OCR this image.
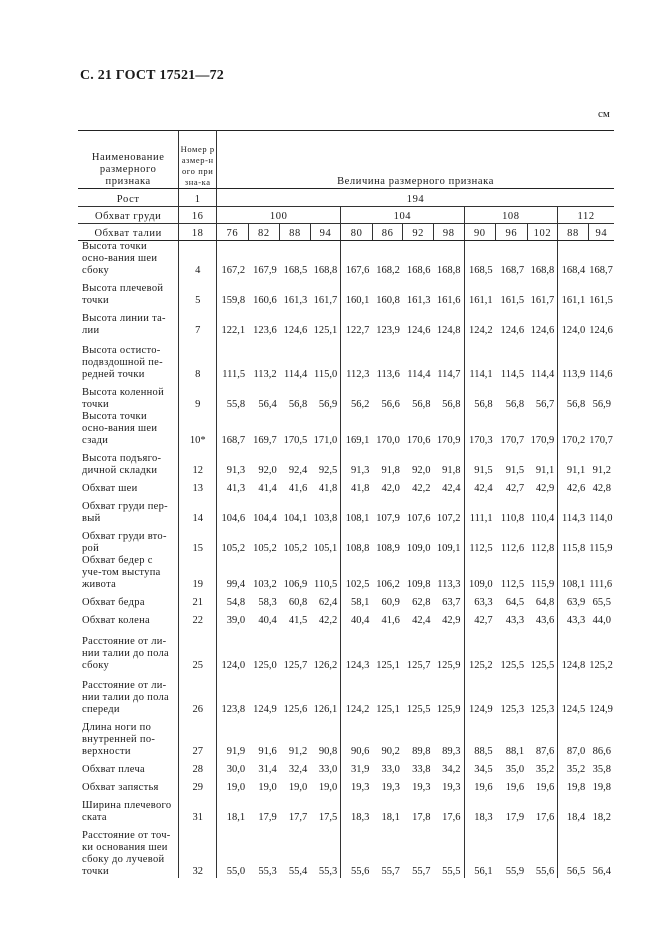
С. 21 ГОСТ 17521—72
см
Наименование размерного признака	Номер размер-ного призна-ка	Величина размерного признака												
Рост	1	194												
Обхват груди	16	100				104				108			112	
Обхват талии	18	76	82	88	94	80	86	92	98	90	96	102	88	94
Высота точки осно-вания шеи сбоку	4	167,2	167,9	168,5	168,8	167,6	168,2	168,6	168,8	168,5	168,7	168,8	168,4	168,7
Высота плечевой точки	5	159,8	160,6	161,3	161,7	160,1	160,8	161,3	161,6	161,1	161,5	161,7	161,1	161,5
Высота линии та-лии	7	122,1	123,6	124,6	125,1	122,7	123,9	124,6	124,8	124,2	124,6	124,6	124,0	124,6
Высота остисто-подвздошной пе-редней точки	8	111,5	113,2	114,4	115,0	112,3	113,6	114,4	114,7	114,1	114,5	114,4	113,9	114,6
Высота коленной точки	9	55,8	56,4	56,8	56,9	56,2	56,6	56,8	56,8	56,8	56,8	56,7	56,8	56,9
Высота точки осно-вания шеи сзади	10*	168,7	169,7	170,5	171,0	169,1	170,0	170,6	170,9	170,3	170,7	170,9	170,2	170,7
Высота подъяго-дичной складки	12	91,3	92,0	92,4	92,5	91,3	91,8	92,0	91,8	91,5	91,5	91,1	91,1	91,2
Обхват шеи	13	41,3	41,4	41,6	41,8	41,8	42,0	42,2	42,4	42,4	42,7	42,9	42,6	42,8
Обхват груди пер-вый	14	104,6	104,4	104,1	103,8	108,1	107,9	107,6	107,2	111,1	110,8	110,4	114,3	114,0
Обхват груди вто-рой	15	105,2	105,2	105,2	105,1	108,8	108,9	109,0	109,1	112,5	112,6	112,8	115,8	115,9
Обхват бедер с уче-том выступа живота	19	99,4	103,2	106,9	110,5	102,5	106,2	109,8	113,3	109,0	112,5	115,9	108,1	111,6
Обхват бедра	21	54,8	58,3	60,8	62,4	58,1	60,9	62,8	63,7	63,3	64,5	64,8	63,9	65,5
Обхват колена	22	39,0	40,4	41,5	42,2	40,4	41,6	42,4	42,9	42,7	43,3	43,6	43,3	44,0
Расстояние от ли-нии талии до пола сбоку	25	124,0	125,0	125,7	126,2	124,3	125,1	125,7	125,9	125,2	125,5	125,5	124,8	125,2
Расстояние от ли-нии талии до пола спереди	26	123,8	124,9	125,6	126,1	124,2	125,1	125,5	125,9	124,9	125,3	125,3	124,5	124,9
Длина ноги по внутренней по-верхности	27	91,9	91,6	91,2	90,8	90,6	90,2	89,8	89,3	88,5	88,1	87,6	87,0	86,6
Обхват плеча	28	30,0	31,4	32,4	33,0	31,9	33,0	33,8	34,2	34,5	35,0	35,2	35,2	35,8
Обхват запястья	29	19,0	19,0	19,0	19,0	19,3	19,3	19,3	19,3	19,6	19,6	19,6	19,8	19,8
Ширина плечевого ската	31	18,1	17,9	17,7	17,5	18,3	18,1	17,8	17,6	18,3	17,9	17,6	18,4	18,2
Расстояние от точ-ки основания шеи сбоку до лучевой точки	32	55,0	55,3	55,4	55,3	55,6	55,7	55,7	55,5	56,1	55,9	55,6	56,5	56,4
